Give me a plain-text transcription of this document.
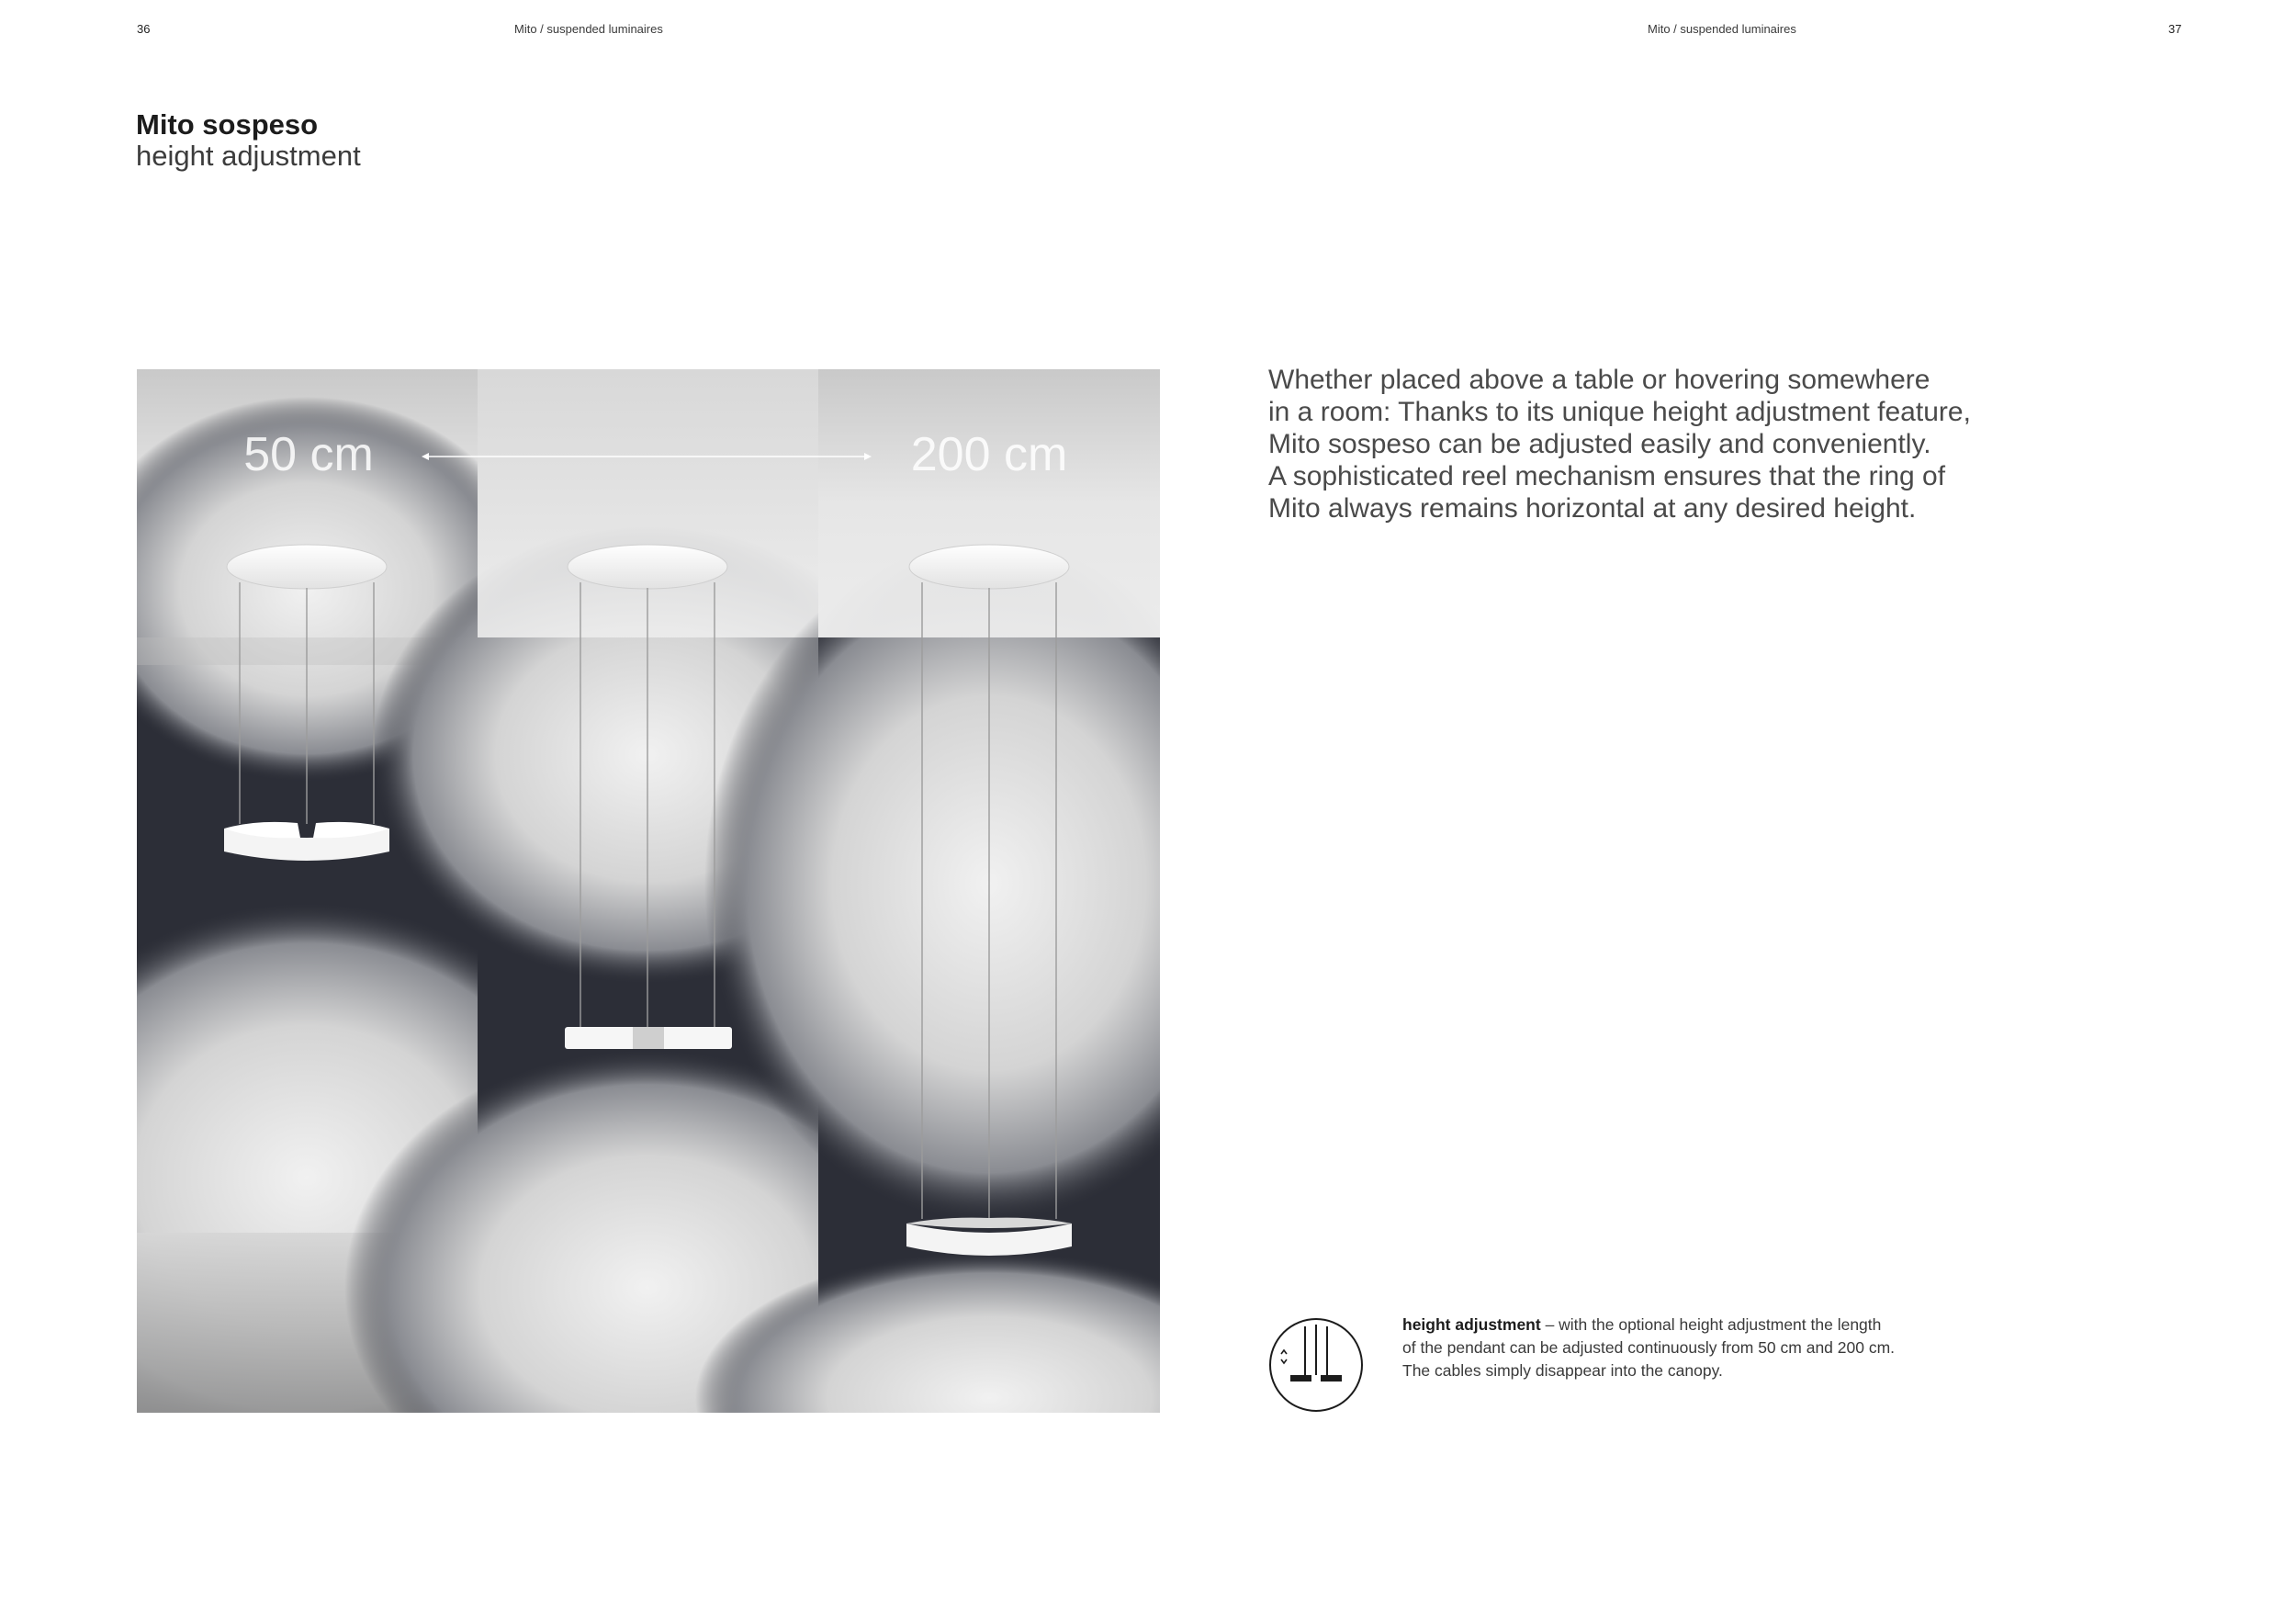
36	Mito / suspended luminaires	Mito / suspended luminaires	37
Mito sospeso
height adjustment
50 cm	200 cm

Whether placed above a table or hovering somewhere

in a room: Thanks to its unique height adjustment feature,

Mito sospeso can be adjusted easily and conveniently.

A sophisticated reel mechanism ensures that the ring of

Mito always remains horizontal at any desired height.

height adjustment – with the optional height adjustment the length

of the pendant can be adjusted continuously from 50 cm and 200 cm.

The cables simply disappear into the canopy.
